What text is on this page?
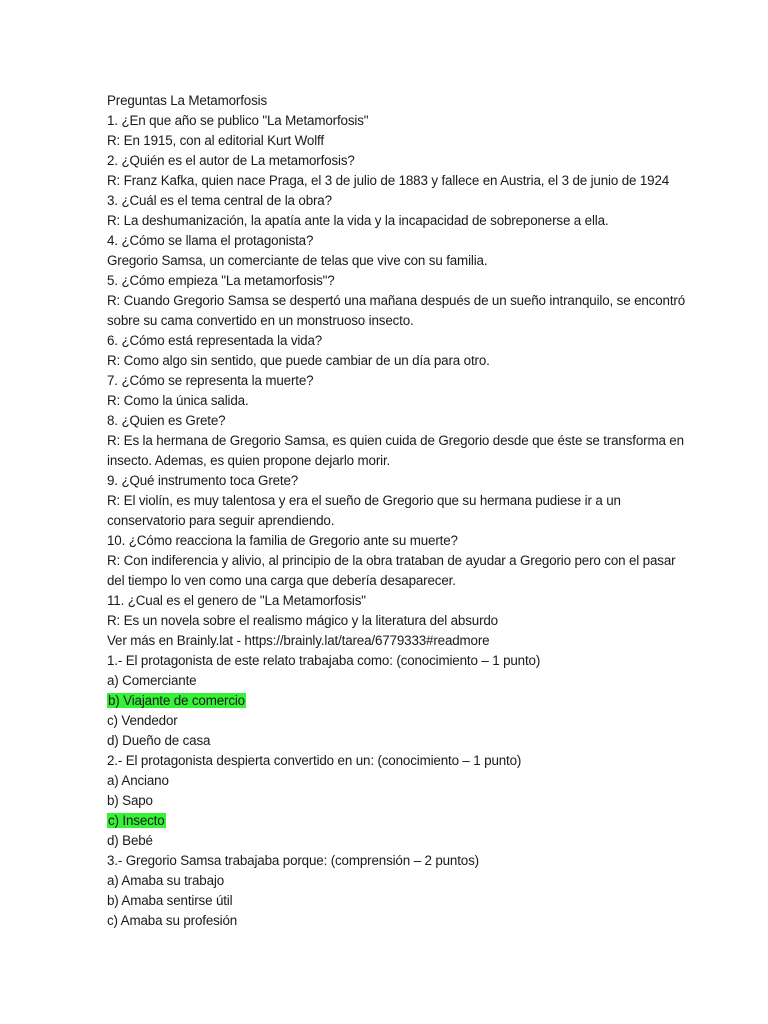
Preguntas La Metamorfosis
1. ¿En que año se publico "La Metamorfosis"
R: En 1915, con al editorial Kurt Wolff
2. ¿Quién es el autor de La metamorfosis?
R: Franz Kafka, quien nace Praga, el 3 de julio de 1883 y fallece en Austria, el 3 de junio de 1924
3. ¿Cuál es el tema central de la obra?
R: La deshumanización, la apatía ante la vida y la incapacidad de sobreponerse a ella.
4. ¿Cómo se llama el protagonista?
Gregorio Samsa, un comerciante de telas que vive con su familia.
5. ¿Cómo empieza "La metamorfosis"?
R: Cuando Gregorio Samsa se despertó una mañana después de un sueño intranquilo, se encontró
sobre su cama convertido en un monstruoso insecto.
6. ¿Cómo está representada la vida?
R: Como algo sin sentido, que puede cambiar de un día para otro.
7. ¿Cómo se representa la muerte?
R: Como la única salida.
8. ¿Quien es Grete?
R: Es la hermana de Gregorio Samsa, es quien cuida de Gregorio desde que éste se transforma en
insecto. Ademas, es quien propone dejarlo morir.
9. ¿Qué instrumento toca Grete?
R: El violín, es muy talentosa y era el sueño de Gregorio que su hermana pudiese ir a un
conservatorio para seguir aprendiendo.
10. ¿Cómo reacciona la familia de Gregorio ante su muerte?
R: Con indiferencia y alivio, al principio de la obra trataban de ayudar a Gregorio pero con el pasar
del tiempo lo ven como una carga que debería desaparecer.
11. ¿Cual es el genero de "La Metamorfosis"
R: Es un novela sobre el realismo mágico y la literatura del absurdo
Ver más en Brainly.lat - https://brainly.lat/tarea/6779333#readmore
1.- El protagonista de este relato trabajaba como: (conocimiento – 1 punto)
a) Comerciante
b) Viajante de comercio
c) Vendedor
d) Dueño de casa
2.- El protagonista despierta convertido en un: (conocimiento – 1 punto)
a) Anciano
b) Sapo
c) Insecto
d) Bebé
3.- Gregorio Samsa trabajaba porque: (comprensión – 2 puntos)
a) Amaba su trabajo
b) Amaba sentirse útil
c) Amaba su profesión
